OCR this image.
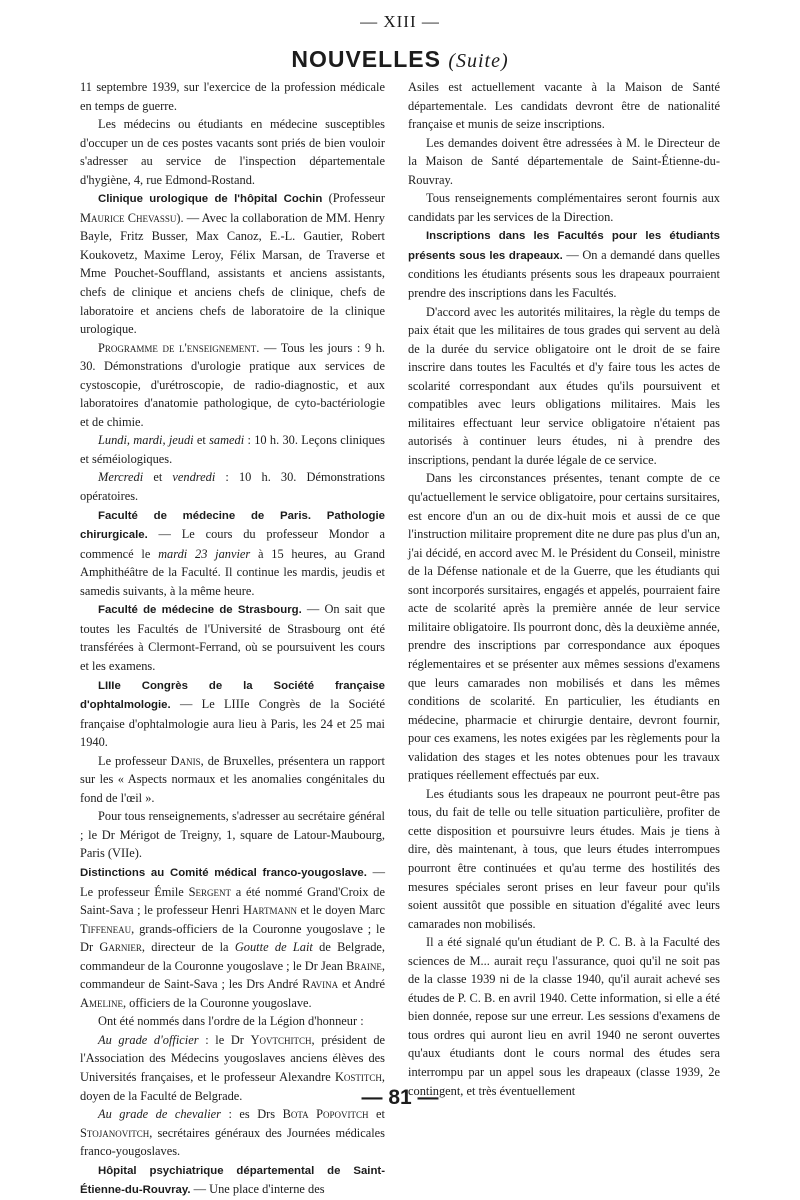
— XIII —
NOUVELLES (Suite)

11 septembre 1939, sur l'exercice de la profession médicale en temps de guerre.

Les médecins ou étudiants en médecine susceptibles d'occuper un de ces postes vacants sont priés de bien vouloir s'adresser au service de l'inspection départementale d'hygiène, 4, rue Edmond-Rostand.

Clinique urologique de l'hôpital Cochin (Professeur Maurice Chevassu). — Avec la collaboration de MM. Henry Bayle, Fritz Busser, Max Canoz, E.-L. Gautier, Robert Koukovetz, Maxime Leroy, Félix Marsan, de Traverse et Mme Pouchet-Souffland, assistants et anciens assistants, chefs de clinique et anciens chefs de clinique, chefs de laboratoire et anciens chefs de laboratoire de la clinique urologique.

Programme de l'enseignement. — Tous les jours : 9 h. 30. Démonstrations d'urologie pratique aux services de cystoscopie, d'urétroscopie, de radio-diagnostic, et aux laboratoires d'anatomie pathologique, de cyto-bactériologie et de chimie.

Lundi, mardi, jeudi et samedi : 10 h. 30. Leçons cliniques et séméiologiques.

Mercredi et vendredi : 10 h. 30. Démonstrations opératoires.

Faculté de médecine de Paris. Pathologie chirurgicale. — Le cours du professeur Mondor a commencé le mardi 23 janvier à 15 heures, au Grand Amphithéâtre de la Faculté. Il continue les mardis, jeudis et samedis suivants, à la même heure.

Faculté de médecine de Strasbourg. — On sait que toutes les Facultés de l'Université de Strasbourg ont été transférées à Clermont-Ferrand, où se poursuivent les cours et les examens.

LIIIe Congrès de la Société française d'ophtalmologie. — Le LIIIe Congrès de la Société française d'ophtalmologie aura lieu à Paris, les 24 et 25 mai 1940.

Le professeur Danis, de Bruxelles, présentera un rapport sur les « Aspects normaux et les anomalies congénitales du fond de l'œil ».

Pour tous renseignements, s'adresser au secrétaire général ; le Dr Mérigot de Treigny, 1, square de Latour-Maubourg, Paris (VIIe).

Distinctions au Comité médical franco-yougoslave. — Le professeur Émile Sergent a été nommé Grand'Croix de Saint-Sava ; le professeur Henri Hartmann et le doyen Marc Tiffeneau, grands-officiers de la Couronne yougoslave ; le Dr Garnier, directeur de la Goutte de Lait de Belgrade, commandeur de la Couronne yougoslave ; le Dr Jean Braine, commandeur de Saint-Sava ; les Drs André Ravina et André Ameline, officiers de la Couronne yougoslave.

Ont été nommés dans l'ordre de la Légion d'honneur :

Au grade d'officier : le Dr Yovtchitch, président de l'Association des Médecins yougoslaves anciens élèves des Universités françaises, et le professeur Alexandre Kostitch, doyen de la Faculté de Belgrade.

Au grade de chevalier : es Drs Bota Popovitch et Stojanovitch, secrétaires généraux des Journées médicales franco-yougoslaves.

Hôpital psychiatrique départemental de Saint-Étienne-du-Rouvray. — Une place d'interne des

Asiles est actuellement vacante à la Maison de Santé départementale. Les candidats devront être de nationalité française et munis de seize inscriptions.

Les demandes doivent être adressées à M. le Directeur de la Maison de Santé départementale de Saint-Étienne-du-Rouvray.

Tous renseignements complémentaires seront fournis aux candidats par les services de la Direction.

Inscriptions dans les Facultés pour les étudiants présents sous les drapeaux. — On a demandé dans quelles conditions les étudiants présents sous les drapeaux pourraient prendre des inscriptions dans les Facultés.

D'accord avec les autorités militaires, la règle du temps de paix était que les militaires de tous grades qui servent au delà de la durée du service obligatoire ont le droit de se faire inscrire dans toutes les Facultés et d'y faire tous les actes de scolarité correspondant aux études qu'ils poursuivent et compatibles avec leurs obligations militaires. Mais les militaires effectuant leur service obligatoire n'étaient pas autorisés à continuer leurs études, ni à prendre des inscriptions, pendant la durée légale de ce service.

Dans les circonstances présentes, tenant compte de ce qu'actuellement le service obligatoire, pour certains sursitaires, est encore d'un an ou de dix-huit mois et aussi de ce que l'instruction militaire proprement dite ne dure pas plus d'un an, j'ai décidé, en accord avec M. le Président du Conseil, ministre de la Défense nationale et de la Guerre, que les étudiants qui sont incorporés sursitaires, engagés et appelés, pourraient faire acte de scolarité après la première année de leur service militaire obligatoire. Ils pourront donc, dès la deuxième année, prendre des inscriptions par correspondance aux époques réglementaires et se présenter aux mêmes sessions d'examens que leurs camarades non mobilisés et dans les mêmes conditions de scolarité. En particulier, les étudiants en médecine, pharmacie et chirurgie dentaire, devront fournir, pour ces examens, les notes exigées par les règlements pour la validation des stages et les notes obtenues pour les travaux pratiques réellement effectués par eux.

Les étudiants sous les drapeaux ne pourront peut-être pas tous, du fait de telle ou telle situation particulière, profiter de cette disposition et poursuivre leurs études. Mais je tiens à dire, dès maintenant, à tous, que leurs études interrompues pourront être continuées et qu'au terme des hostilités des mesures spéciales seront prises en leur faveur pour qu'ils soient aussitôt que possible en situation d'égalité avec leurs camarades non mobilisés.

Il a été signalé qu'un étudiant de P. C. B. à la Faculté des sciences de M... aurait reçu l'assurance, quoi qu'il ne soit pas de la classe 1939 ni de la classe 1940, qu'il aurait achevé ses études de P. C. B. en avril 1940. Cette information, si elle a été bien donnée, repose sur une erreur. Les sessions d'examens de tous ordres qui auront lieu en avril 1940 ne seront ouvertes qu'aux étudiants dont le cours normal des études sera interrompu par un appel sous les drapeaux (classe 1939, 2e contingent, et très éventuellement

— 81 —
